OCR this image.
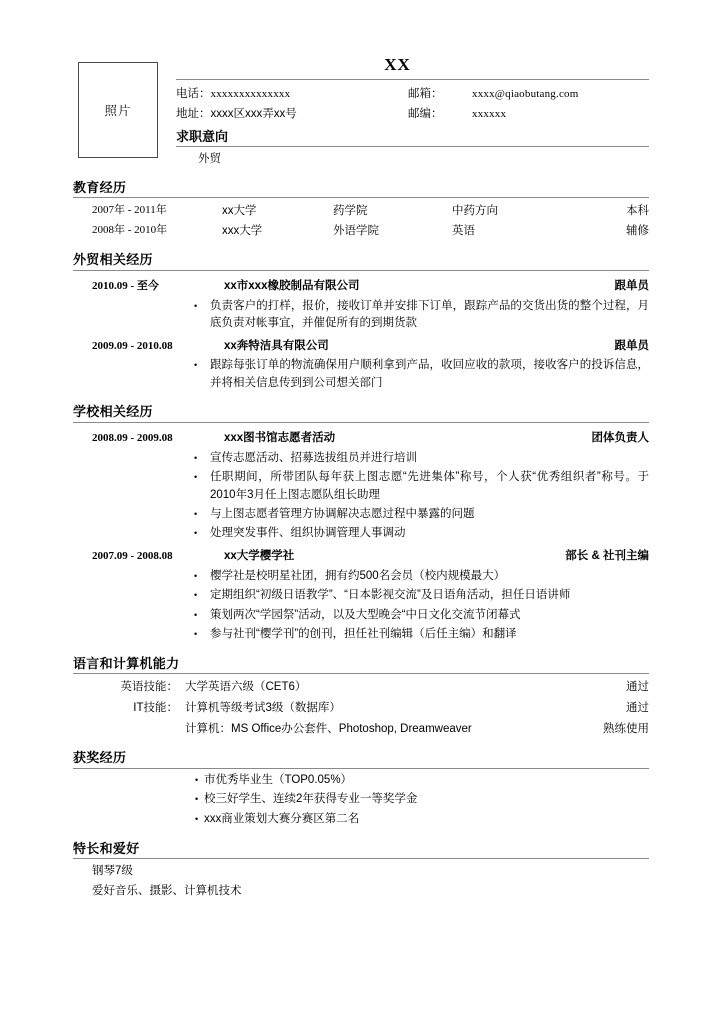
照片
XX
电话：xxxxxxxxxxxxxx	邮箱：	xxxx@qiaobutang.com
地址：xxxx区xxx弄xx号	邮编：	xxxxxx
求职意向
外贸
教育经历
2007年 - 2011年	xx大学	药学院	中药方向	本科
2008年 - 2010年	xxx大学	外语学院	英语	辅修
外贸相关经历
2010.09 - 至今	xx市xxx橡胶制品有限公司	跟单员
• 负责客户的打样，报价，接收订单并安排下订单，跟踪产品的交货出货的整个过程，月底负责对帐事宜，并催促所有的到期货款
2009.09 - 2010.08	xx奔特洁具有限公司	跟单员
• 跟踪每张订单的物流确保用户顺利拿到产品，收回应收的款项，接收客户的投诉信息，并将相关信息传到到公司想关部门
学校相关经历
2008.09 - 2009.08	xxx图书馆志愿者活动	团体负责人
• 宣传志愿活动、招募选拔组员并进行培训
• 任职期间，所带团队每年获上图志愿“先进集体”称号，个人获“优秀组织者”称号。于2010年3月任上图志愿队组长助理
• 与上图志愿者管理方协调解决志愿过程中暴露的问题
• 处理突发事件、组织协调管理人事调动
2007.09 - 2008.08	xx大学樱学社	部长 & 社刊主编
• 樱学社是校明星社团，拥有约500名会员（校内规模最大）
• 定期组织“初级日语教学”、“日本影视交流”及日语角活动，担任日语讲师
• 策划两次“学园祭”活动，以及大型晚会“中日文化交流节闭幕式
• 参与社刊“樱学刊”的创刊，担任社刊编辑（后任主编）和翻译
语言和计算机能力
英语技能： 大学英语六级（CET6）	通过
IT技能： 计算机等级考试3级（数据库）	通过
计算机：MS Office办公套件、Photoshop, Dreamweaver	熟练使用
获奖经历
• 市优秀毕业生（TOP0.05%）
• 校三好学生、连续2年获得专业一等奖学金
• xxx商业策划大赛分赛区第二名
特长和爱好
钢琴7级
爱好音乐、摄影、计算机技术
